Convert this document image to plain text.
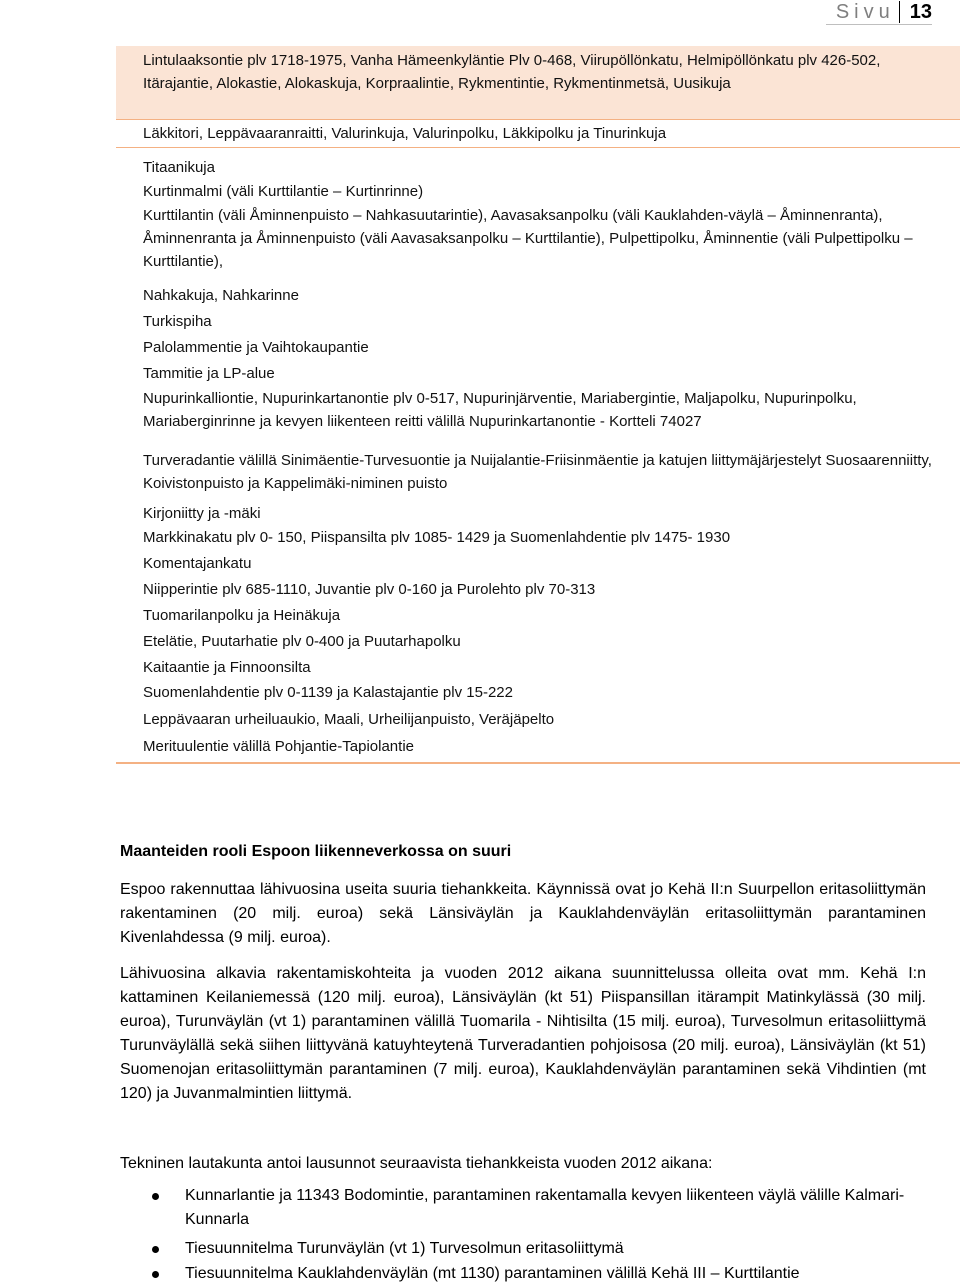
Sivu 13
Lintulaaksontie plv 1718-1975, Vanha Hämeenkyläntie Plv 0-468, Viirupöllönkatu, Helmipöllönkatu plv 426-502, Itärajantie, Alokastie, Alokaskuja, Korpraalintie, Rykmentintie, Rykmentinmetsä, Uusikuja
Läkkitori, Leppävaaranraitti, Valurinkuja, Valurinpolku, Läkkipolku ja Tinurinkuja
Titaanikuja
Kurtinmalmi (väli Kurttilantie – Kurtinrinne)
Kurttilantin (väli Åminnenpuisto – Nahkasuutarintie), Aavasaksanpolku (väli Kauklahden-väylä – Åminnenranta), Åminnenranta ja Åminnenpuisto (väli Aavasaksanpolku – Kurttilantie), Pulpettipolku, Åminnentie (väli Pulpettipolku – Kurttilantie),
Nahkakuja, Nahkarinne
Turkispiha
Palolammentie ja Vaihtokaupantie
Tammitie ja LP-alue
Nupurinkalliontie, Nupurinkartanontie plv 0-517, Nupurinjärventie, Mariabergintie, Maljapolku, Nupurinpolku, Mariaberginrinne ja kevyen liikenteen reitti välillä Nupurinkartanontie - Kortteli 74027
Turveradantie välillä Sinimäentie-Turvesuontie ja Nuijalantie-Friisinmäentie ja katujen liittymäjärjestelyt Suosaarenniitty, Koivistonpuisto ja Kappelimäki-niminen puisto
Kirjoniitty ja -mäki
Markkinakatu plv 0- 150, Piispansilta plv 1085- 1429 ja Suomenlahdentie plv 1475- 1930
Komentajankatu
Niipperintie plv 685-1110, Juvantie plv 0-160 ja Purolehto plv 70-313
Tuomarilanpolku ja Heinäkuja
Etelätie, Puutarhatie plv 0-400 ja Puutarhapolku
Kaitaantie ja Finnoonsilta
Suomenlahdentie plv 0-1139 ja Kalastajantie plv 15-222
Leppävaaran urheiluaukio, Maali, Urheilijanpuisto, Veräjäpelto
Merituulentie välillä Pohjantie-Tapiolantie
Maanteiden rooli Espoon liikenneverkossa on suuri
Espoo rakennuttaa lähivuosina useita suuria tiehankkeita. Käynnissä ovat jo Kehä II:n Suurpellon eritasoliittymän rakentaminen (20 milj. euroa) sekä Länsiväylän ja Kauklahdenväylän eritasoliittymän parantaminen Kivenlahdessa (9 milj. euroa).
Lähivuosina alkavia rakentamiskohteita ja vuoden 2012 aikana suunnittelussa olleita ovat mm. Kehä I:n kattaminen Keilaniemessä (120 milj. euroa), Länsiväylän (kt 51) Piispansillan itärampit Matinkylässä (30 milj. euroa), Turunväylän (vt 1) parantaminen välillä Tuomarila - Nihtisilta (15 milj. euroa), Turvesolmun eritasoliittymä Turunväylällä sekä siihen liittyvänä katuyhteytenä Turveradantien pohjoisosa (20 milj. euroa), Länsiväylän (kt 51) Suomenojan eritasoliittymän parantaminen (7 milj. euroa), Kauklahdenväylän parantaminen sekä Vihdintien (mt 120) ja Juvanmalmintien liittymä.
Tekninen lautakunta antoi lausunnot seuraavista tiehankkeista vuoden 2012 aikana:
Kunnarlantie ja 11343 Bodomintie, parantaminen rakentamalla kevyen liikenteen väylä välille Kalmari-Kunnarla
Tiesuunnitelma Turunväylän (vt 1) Turvesolmun eritasoliittymä
Tiesuunnitelma Kauklahdenväylän (mt 1130) parantaminen välillä Kehä III – Kurttilantie
